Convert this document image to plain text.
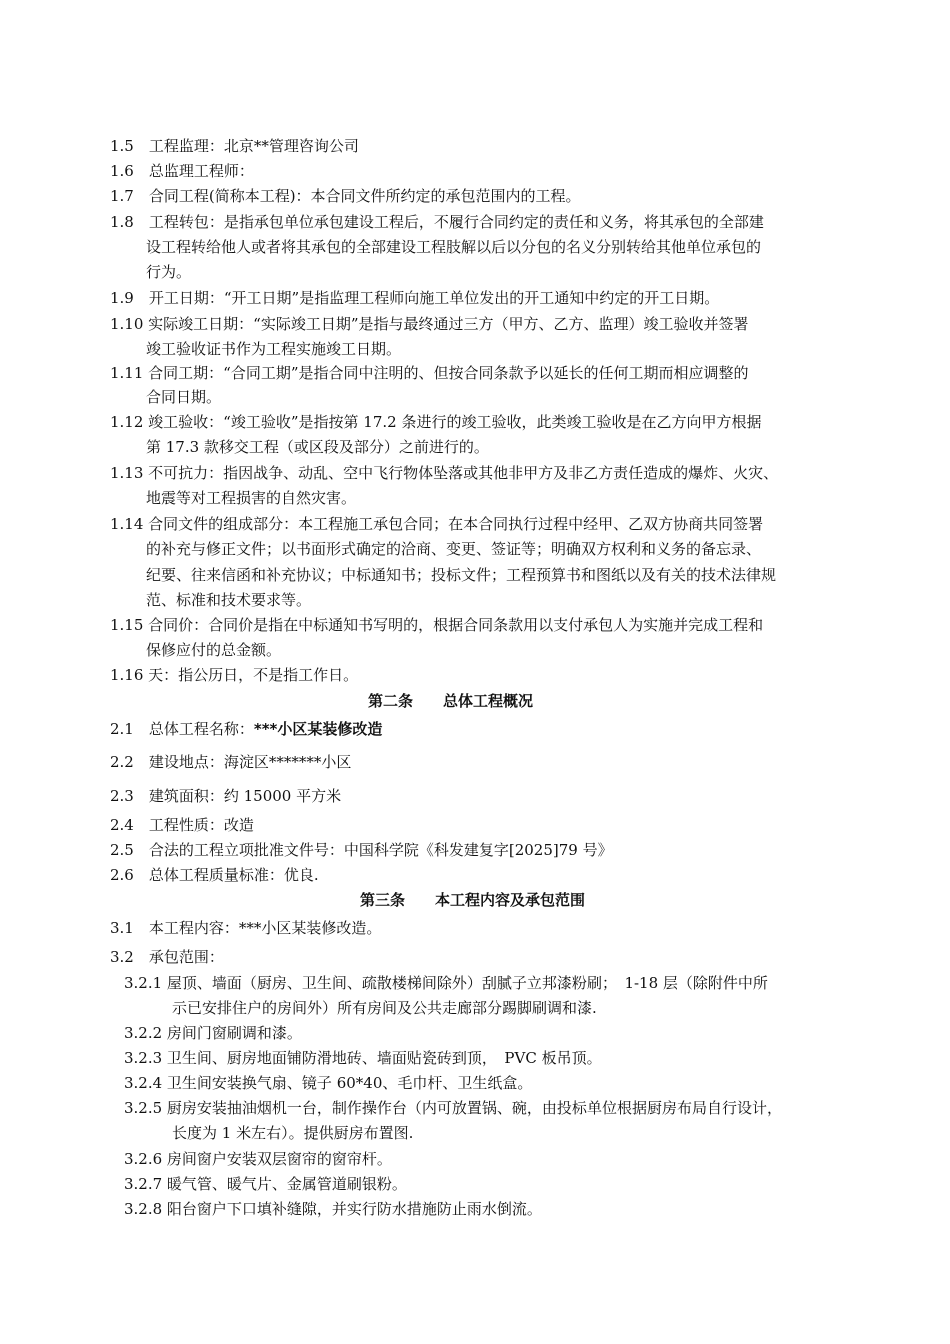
1.5　工程监理：北京**管理咨询公司
1.6　总监理工程师：
1.7　合同工程(简称本工程)：本合同文件所约定的承包范围内的工程。
1.8　工程转包：是指承包单位承包建设工程后，不履行合同约定的责任和义务，将其承包的全部建
设工程转给他人或者将其承包的全部建设工程肢解以后以分包的名义分别转给其他单位承包的
行为。
1.9　开工日期：“开工日期”是指监理工程师向施工单位发出的开工通知中约定的开工日期。
1.10 实际竣工日期：“实际竣工日期”是指与最终通过三方（甲方、乙方、监理）竣工验收并签署
竣工验收证书作为工程实施竣工日期。
1.11 合同工期：“合同工期”是指合同中注明的、但按合同条款予以延长的任何工期而相应调整的
合同日期。
1.12 竣工验收：“竣工验收”是指按第 17.2 条进行的竣工验收，此类竣工验收是在乙方向甲方根据
第 17.3 款移交工程（或区段及部分）之前进行的。
1.13 不可抗力：指因战争、动乱、空中飞行物体坠落或其他非甲方及非乙方责任造成的爆炸、火灾、
地震等对工程损害的自然灾害。
1.14 合同文件的组成部分：本工程施工承包合同；在本合同执行过程中经甲、乙双方协商共同签署
的补充与修正文件；以书面形式确定的洽商、变更、签证等；明确双方权利和义务的备忘录、
纪要、往来信函和补充协议；中标通知书；投标文件；工程预算书和图纸以及有关的技术法律规
范、标准和技术要求等。
1.15 合同价：合同价是指在中标通知书写明的，根据合同条款用以支付承包人为实施并完成工程和
保修应付的总金额。
1.16 天：指公历日，不是指工作日。
第二条　　总体工程概况
2.1　总体工程名称：***小区某装修改造
2.2　建设地点：海淀区*******小区
2.3　建筑面积：约 15000 平方米
2.4　工程性质：改造
2.5　合法的工程立项批准文件号：中国科学院《科发建复字[2025]79 号》
2.6　总体工程质量标准：优良.
第三条　　本工程内容及承包范围
3.1　本工程内容：***小区某装修改造。
3.2　承包范围：
3.2.1 屋顶、墙面（厨房、卫生间、疏散楼梯间除外）刮腻子立邦漆粉刷；　1-18 层（除附件中所
示已安排住户的房间外）所有房间及公共走廊部分踢脚刷调和漆.
3.2.2 房间门窗刷调和漆。
3.2.3 卫生间、厨房地面铺防滑地砖、墙面贴瓷砖到顶，　PVC 板吊顶。
3.2.4 卫生间安装换气扇、镜子 60*40、毛巾杆、卫生纸盒。
3.2.5 厨房安装抽油烟机一台，制作操作台（内可放置锅、碗，由投标单位根据厨房布局自行设计，
长度为 1 米左右）。提供厨房布置图.
3.2.6 房间窗户安装双层窗帘的窗帘杆。
3.2.7 暖气管、暖气片、金属管道刷银粉。
3.2.8 阳台窗户下口填补缝隙，并实行防水措施防止雨水倒流。
